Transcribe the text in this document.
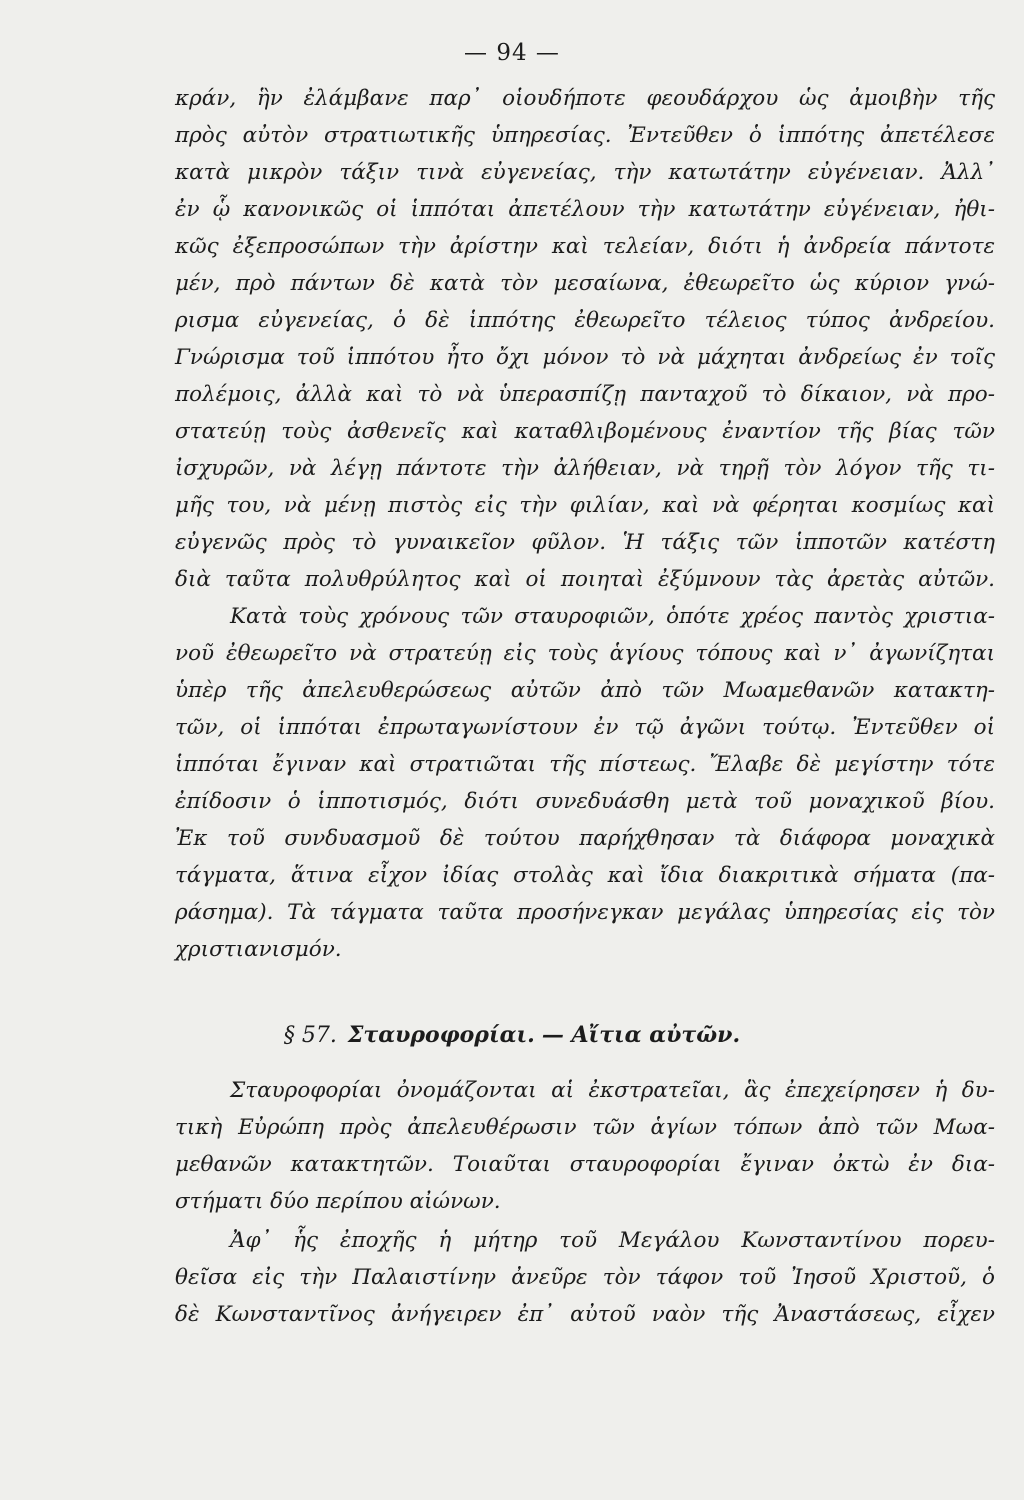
— 94 —
κράν, ἣν ἐλάμβανε παρ᾿ οἱουδήποτε φεουδάρχου ὡς ἀμοιβὴν τῆς
πρὸς αὐτὸν στρατιωτικῆς ὑπηρεσίας. Ἐντεῦθεν ὁ ἱππότης ἀπετέλεσε
κατὰ μικρὸν τάξιν τινὰ εὐγενείας, τὴν κατωτάτην εὐγένειαν. Ἀλλ᾿
ἐν ᾧ κανονικῶς οἱ ἱππόται ἀπετέλουν τὴν κατωτάτην εὐγένειαν, ἠθι-
κῶς ἐξεπροσώπων τὴν ἀρίστην καὶ τελείαν, διότι ἡ ἀνδρεία πάντοτε
μέν, πρὸ πάντων δὲ κατὰ τὸν μεσαίωνα, ἐθεωρεῖτο ὡς κύριον γνώ-
ρισμα εὐγενείας, ὁ δὲ ἱππότης ἐθεωρεῖτο τέλειος τύπος ἀνδρείου.
Γνώρισμα τοῦ ἱππότου ἦτο ὄχι μόνον τὸ νὰ μάχηται ἀνδρείως ἐν τοῖς
πολέμοις, ἀλλὰ καὶ τὸ νὰ ὑπερασπίζῃ πανταχοῦ τὸ δίκαιον, νὰ προ-
στατεύῃ τοὺς ἀσθενεῖς καὶ καταθλιβομένους ἐναντίον τῆς βίας τῶν
ἰσχυρῶν, νὰ λέγῃ πάντοτε τὴν ἀλήθειαν, νὰ τηρῇ τὸν λόγον τῆς τι-
μῆς του, νὰ μένῃ πιστὸς εἰς τὴν φιλίαν, καὶ νὰ φέρηται κοσμίως καὶ
εὐγενῶς πρὸς τὸ γυναικεῖον φῦλον. Ἡ τάξις τῶν ἱπποτῶν κατέστη
διὰ ταῦτα πολυθρύλητος καὶ οἱ ποιηταὶ ἐξύμνουν τὰς ἀρετὰς αὐτῶν.
Κατὰ τοὺς χρόνους τῶν σταυροφιῶν, ὁπότε χρέος παντὸς χριστια-
νοῦ ἐθεωρεῖτο νὰ στρατεύῃ εἰς τοὺς ἁγίους τόπους καὶ ν᾿ ἀγωνίζηται
ὑπὲρ τῆς ἀπελευθερώσεως αὐτῶν ἀπὸ τῶν Μωαμεθανῶν κατακτη-
τῶν, οἱ ἱππόται ἐπρωταγωνίστουν ἐν τῷ ἀγῶνι τούτῳ. Ἐντεῦθεν οἱ
ἱππόται ἔγιναν καὶ στρατιῶται τῆς πίστεως. Ἔλαβε δὲ μεγίστην τότε
ἐπίδοσιν ὁ ἱπποτισμός, διότι συνεδυάσθη μετὰ τοῦ μοναχικοῦ βίου.
Ἐκ τοῦ συνδυασμοῦ δὲ τούτου παρήχθησαν τὰ διάφορα μοναχικὰ
τάγματα, ἅτινα εἶχον ἰδίας στολὰς καὶ ἴδια διακριτικὰ σήματα (πα-
ράσημα). Τὰ τάγματα ταῦτα προσήνεγκαν μεγάλας ὑπηρεσίας εἰς τὸν
χριστιανισμόν.
§ 57. Σταυροφορίαι. — Αἴτια αὐτῶν.
Σταυροφορίαι ὀνομάζονται αἱ ἐκστρατεῖαι, ἃς ἐπεχείρησεν ἡ δυ-
τικὴ Εὐρώπη πρὸς ἀπελευθέρωσιν τῶν ἁγίων τόπων ἀπὸ τῶν Μωα-
μεθανῶν κατακτητῶν. Τοιαῦται σταυροφορίαι ἔγιναν ὀκτὼ ἐν δια-
στήματι δύο περίπου αἰώνων.
Ἀφ᾿ ἧς ἐποχῆς ἡ μήτηρ τοῦ Μεγάλου Κωνσταντίνου πορευ-
θεῖσα εἰς τὴν Παλαιστίνην ἀνεῦρε τὸν τάφον τοῦ Ἰησοῦ Χριστοῦ, ὁ
δὲ Κωνσταντῖνος ἀνήγειρεν ἐπ᾿ αὐτοῦ ναὸν τῆς Ἀναστάσεως, εἶχεν
